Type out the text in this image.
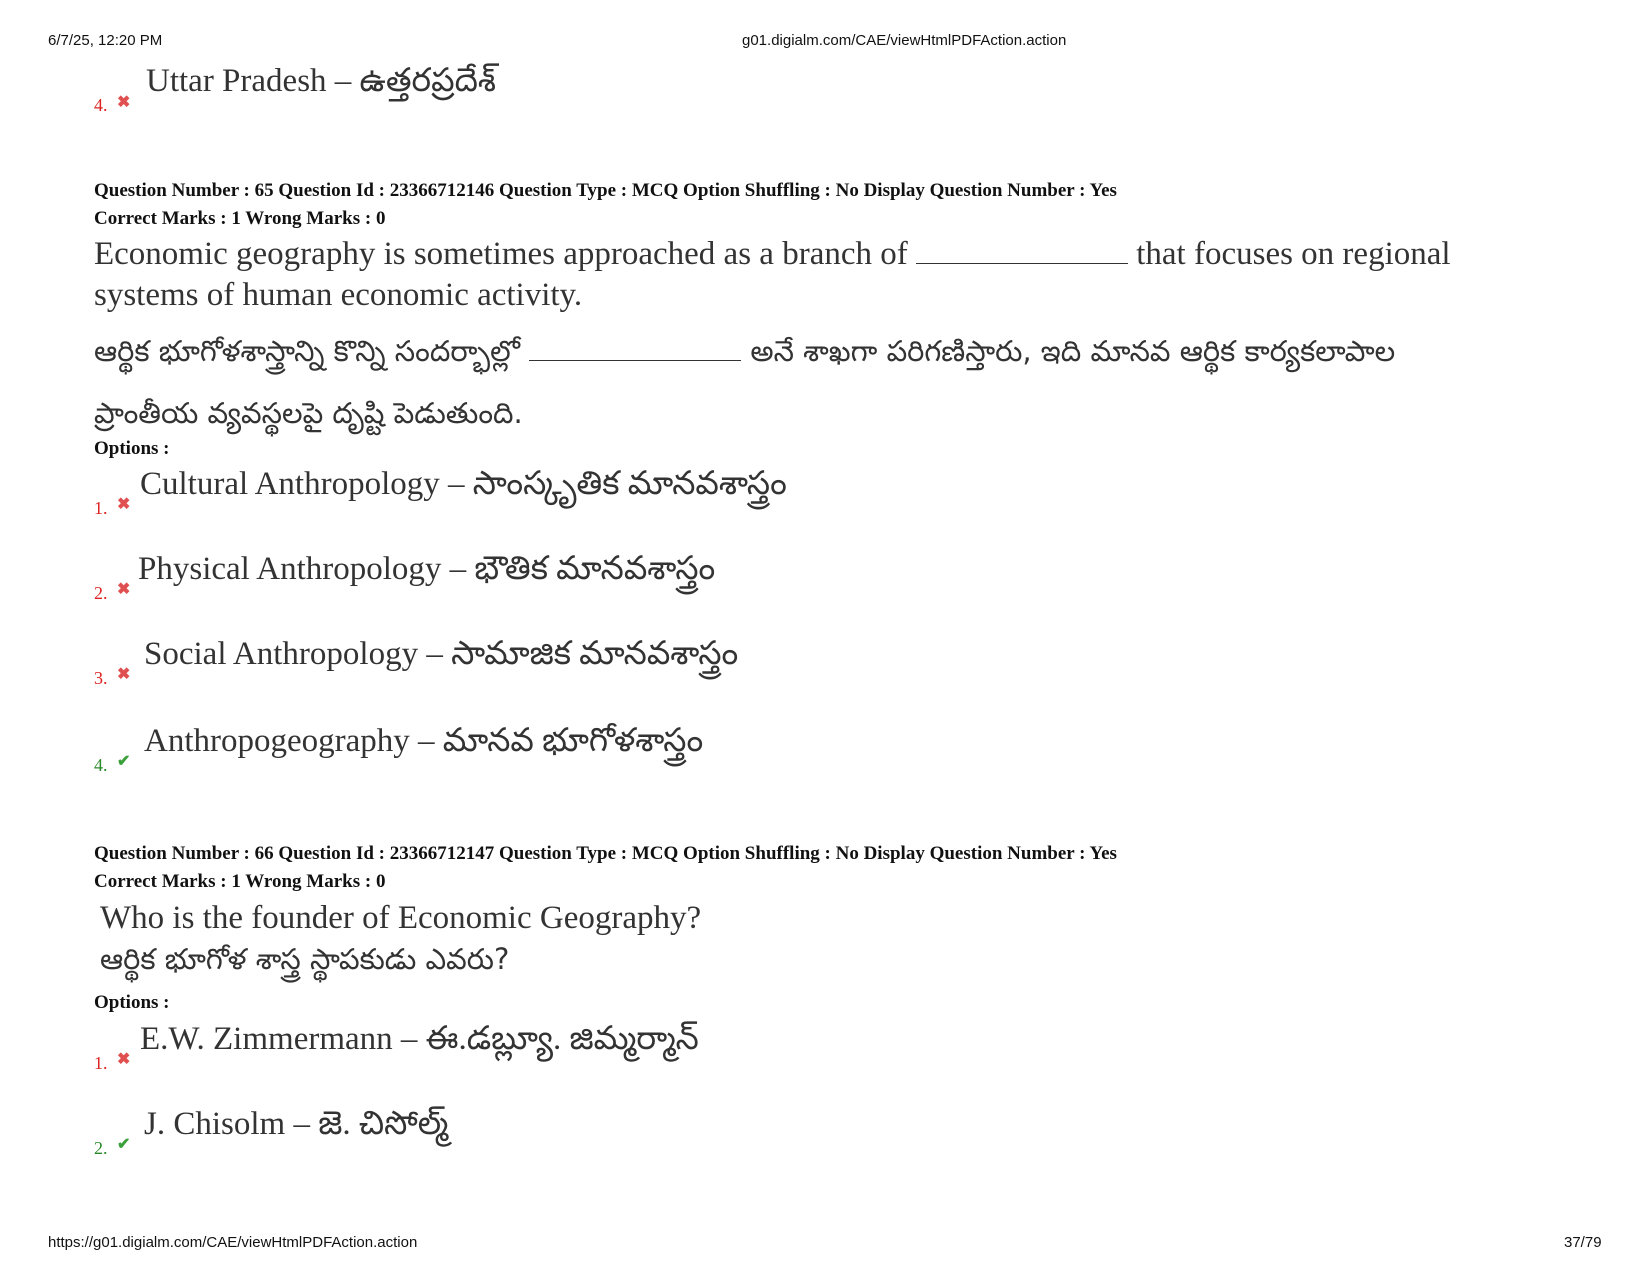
6/7/25, 12:20 PM	g01.digialm.com/CAE/viewHtmlPDFAction.action
4. ✖
Uttar Pradesh – ఉత్తరప్రదేశ్
Question Number : 65 Question Id : 23366712146 Question Type : MCQ Option Shuffling : No Display Question Number : Yes
Correct Marks : 1 Wrong Marks : 0
Economic geography is sometimes approached as a branch of	that focuses on regional
systems of human economic activity.
ఆర్థిక భూగోళశాస్త్రాన్ని కొన్ని సందర్భాల్లో	అనే శాఖగా పరిగణిస్తారు, ఇది మానవ ఆర్థిక కార్యకలాపాల
ప్రాంతీయ వ్యవస్థలపై దృష్టి పెడుతుంది.
Options :
1. ✖
Cultural Anthropology – సాంస్కృతిక మానవశాస్త్రం
2. ✖
Physical Anthropology – భౌతిక మానవశాస్త్రం
3. ✖
Social Anthropology – సామాజిక మానవశాస్త్రం
4. ✔
Anthropogeography – మానవ భూగోళశాస్త్రం
Question Number : 66 Question Id : 23366712147 Question Type : MCQ Option Shuffling : No Display Question Number : Yes
Correct Marks : 1 Wrong Marks : 0
Who is the founder of Economic Geography?
ఆర్థిక భూగోళ శాస్త్ర స్థాపకుడు ఎవరు?
Options :
1. ✖
E.W. Zimmermann – ఈ.డబ్ల్యూ. జిమ్మర్మాన్
2. ✔
J. Chisolm – జె. చిసోల్మ్
https://g01.digialm.com/CAE/viewHtmlPDFAction.action	37/79
